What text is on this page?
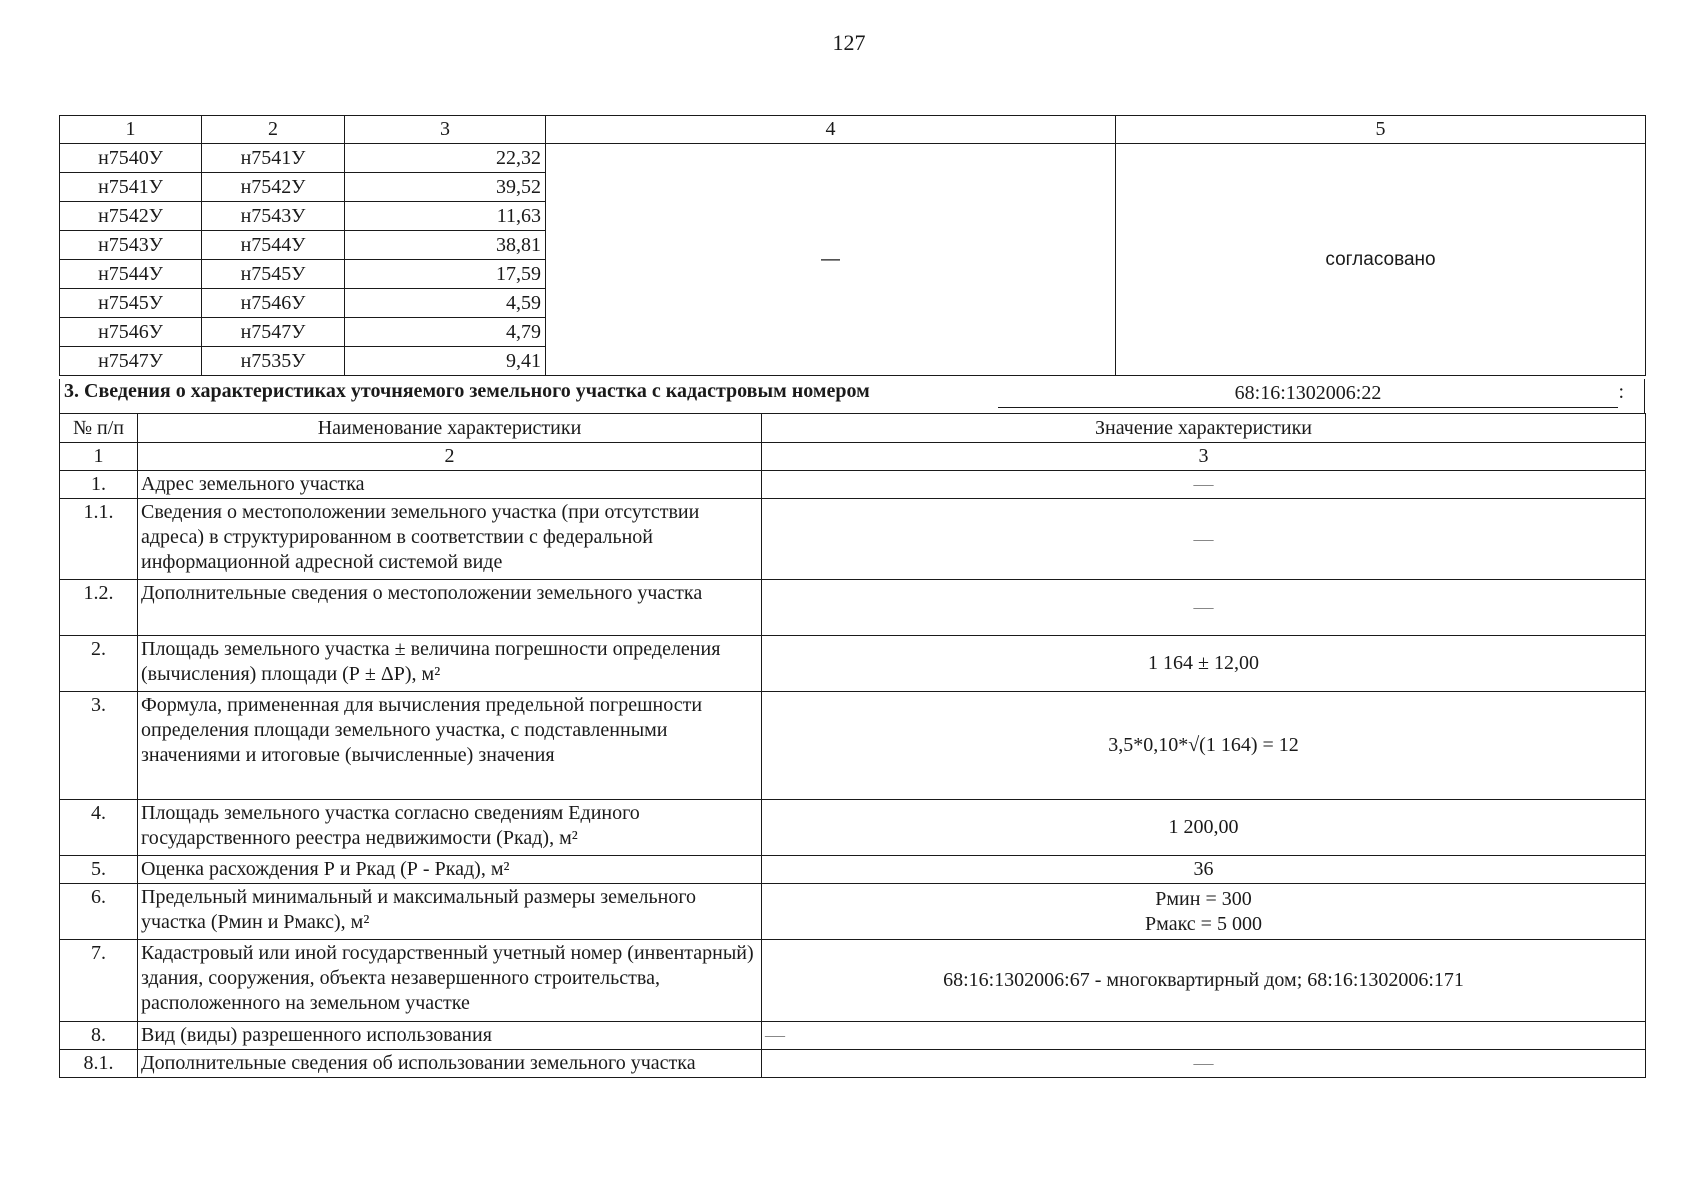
127
1	2	3	4	5
н7540У	н7541У	22,32	—	согласовано
н7541У	н7542У	39,52		
н7542У	н7543У	11,63		
н7543У	н7544У	38,81		
н7544У	н7545У	17,59		
н7545У	н7546У	4,59		
н7546У	н7547У	4,79		
н7547У	н7535У	9,41		
3. Сведения о характеристиках уточняемого земельного участка с кадастровым номером	68:16:1302006:22	:
№ п/п	Наименование характеристики	Значение характеристики
1	2	3
1.	Адрес земельного участка	—
1.1.	Сведения о местоположении земельного участка (при отсутствии адреса) в структурированном в соответствии с федеральной информационной адресной системой виде	—
1.2.	Дополнительные сведения о местоположении земельного участка	—
2.	Площадь земельного участка ± величина погрешности определения (вычисления) площади (Р ± ΔР), м²	1 164 ± 12,00
3.	Формула, примененная для вычисления предельной погрешности определения площади земельного участка, с подставленными значениями и итоговые (вычисленные) значения	3,5*0,10*√(1 164) = 12
4.	Площадь земельного участка согласно сведениям Единого государственного реестра недвижимости (Ркад), м²	1 200,00
5.	Оценка расхождения Р и Ркад (Р - Ркад), м²	36
6.	Предельный минимальный и максимальный размеры земельного участка (Рмин и Рмакс), м²	Рмин = 300
Рмакс = 5 000

7.	Кадастровый или иной государственный учетный номер (инвентарный) здания, сооружения, объекта незавершенного строительства, расположенного на земельном участке	68:16:1302006:67 - многоквартирный дом; 68:16:1302006:171
8.	Вид (виды) разрешенного использования	—
8.1.	Дополнительные сведения об использовании земельного участка	—
